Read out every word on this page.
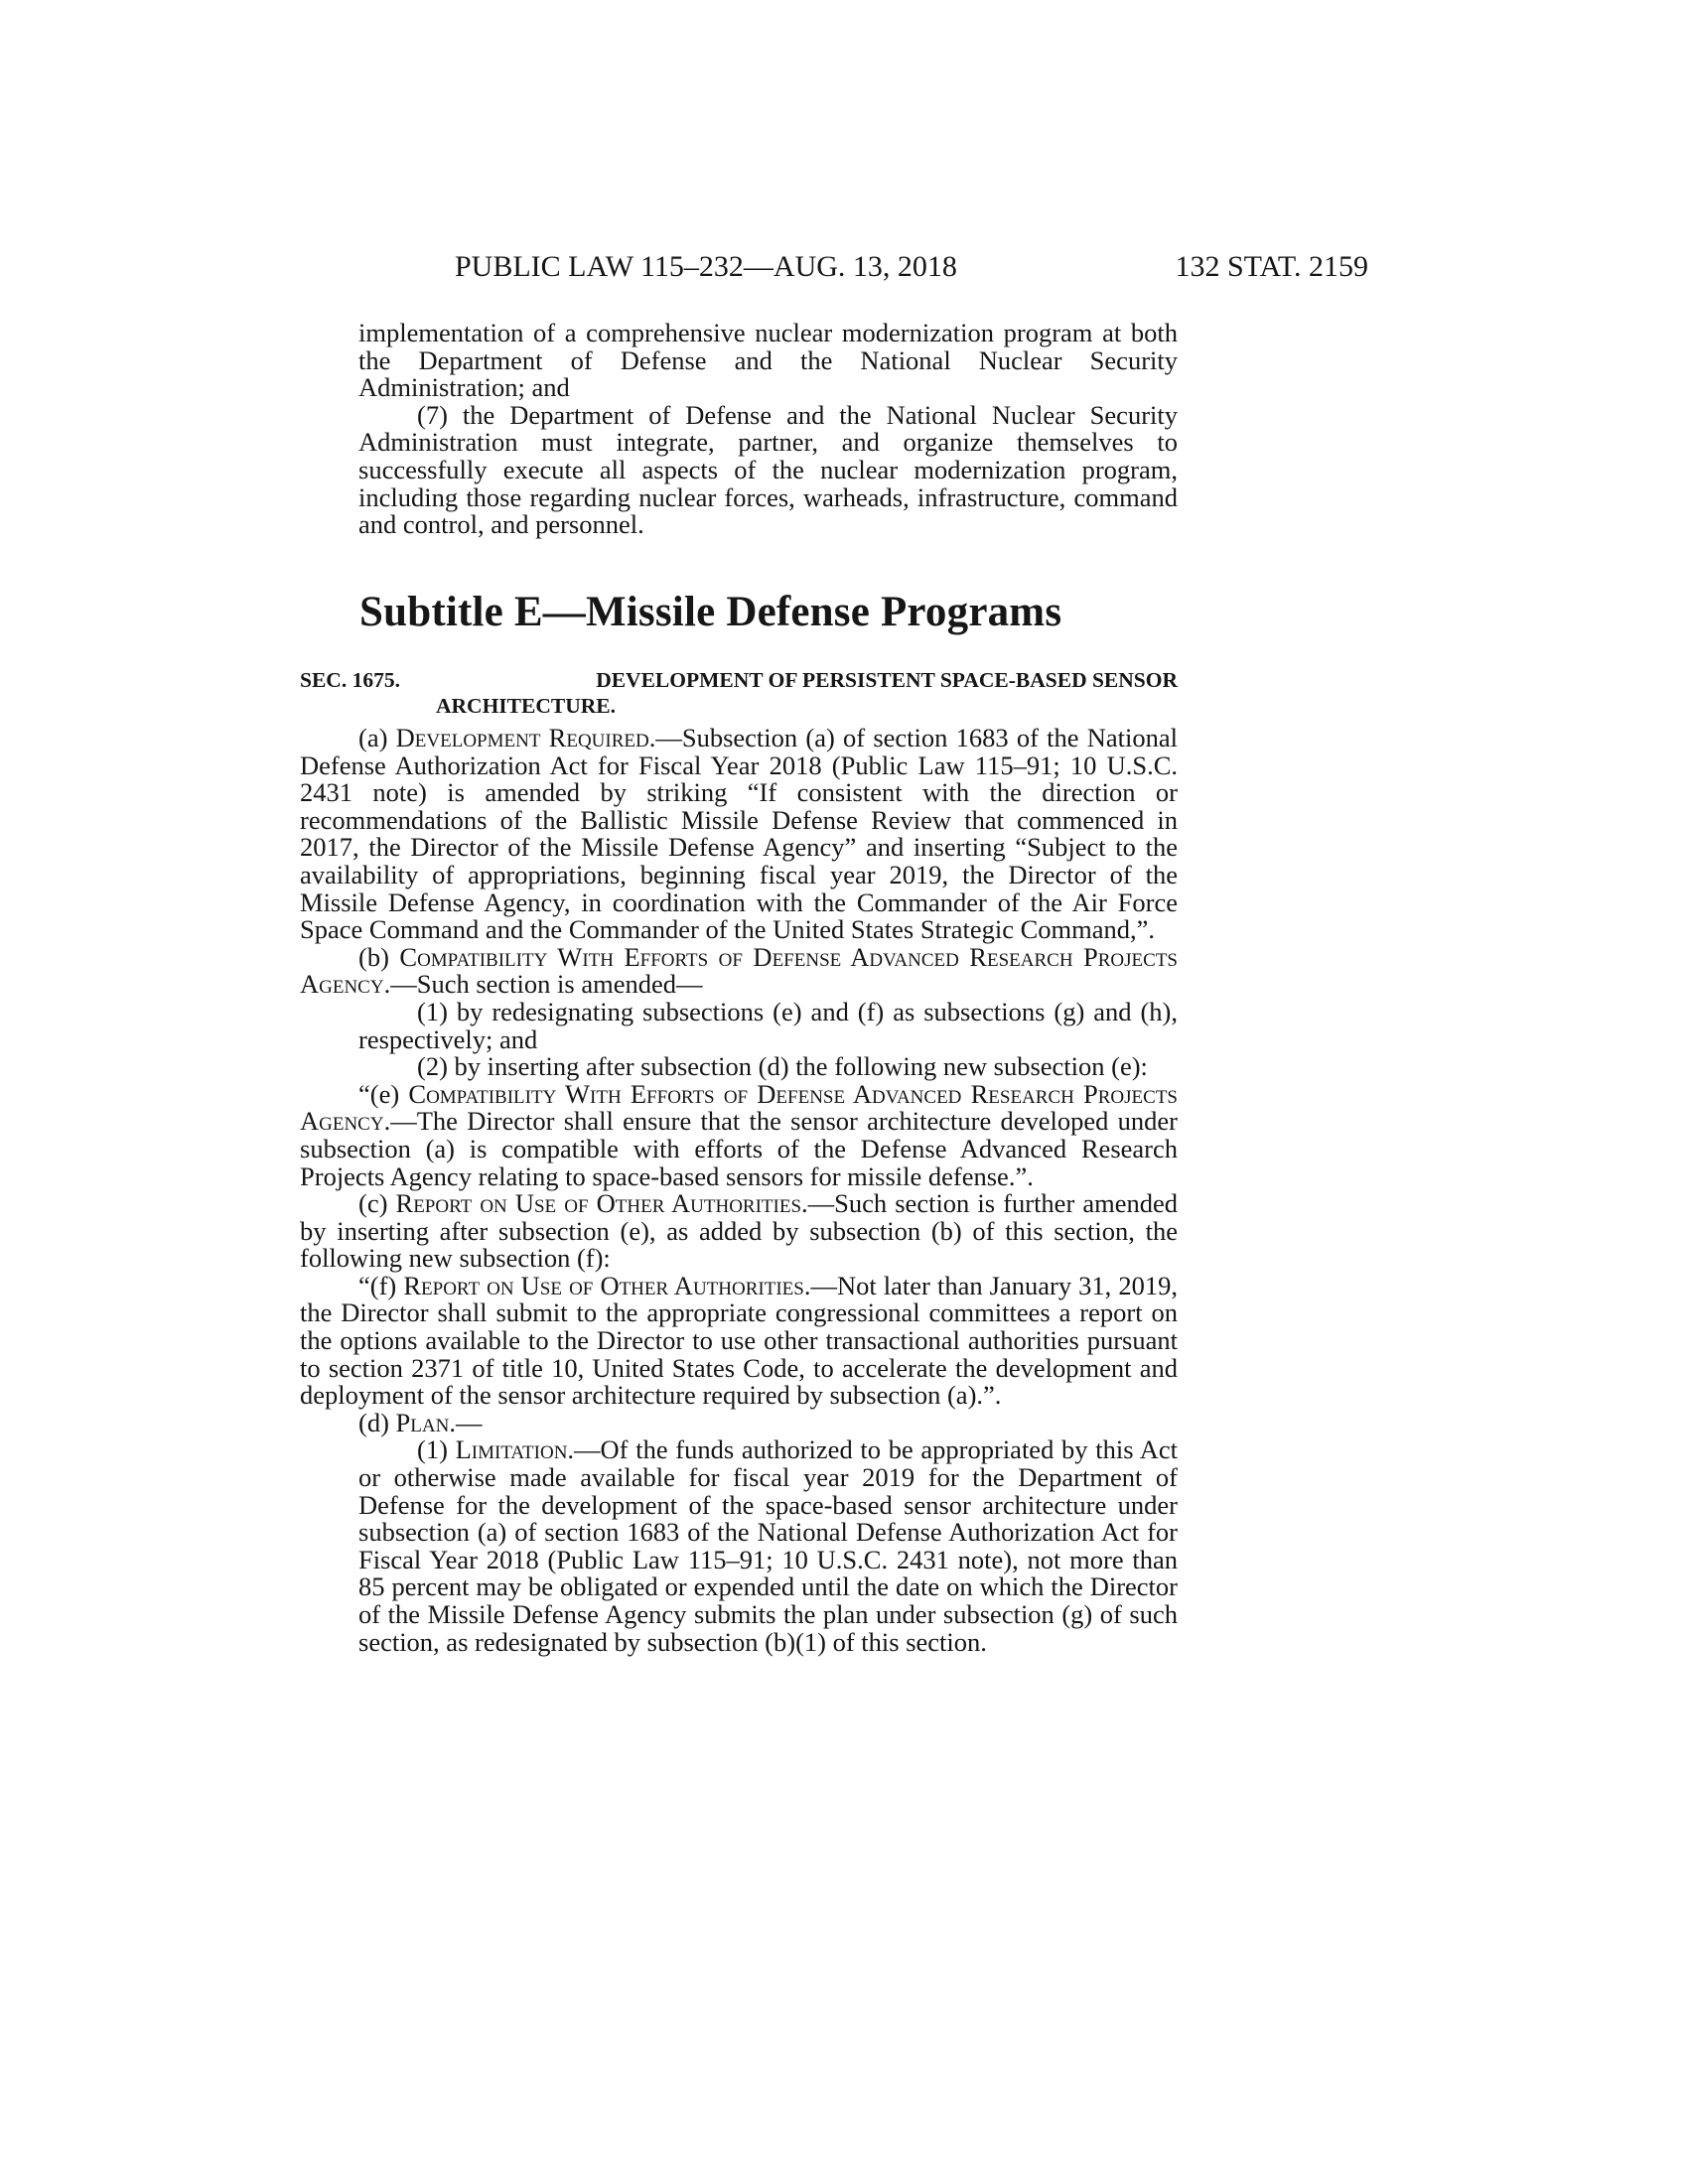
PUBLIC LAW 115–232—AUG. 13, 2018	132 STAT. 2159

implementation of a comprehensive nuclear modernization program at both the Department of Defense and the National Nuclear Security Administration; and

(7) the Department of Defense and the National Nuclear Security Administration must integrate, partner, and organize themselves to successfully execute all aspects of the nuclear modernization program, including those regarding nuclear forces, warheads, infrastructure, command and control, and personnel.

Subtitle E—Missile Defense Programs
SEC. 1675.	DEVELOPMENT OF PERSISTENT SPACE-BASED SENSOR
ARCHITECTURE.

(a) Development Required.—Subsection (a) of section 1683 of the National Defense Authorization Act for Fiscal Year 2018 (Public Law 115–91; 10 U.S.C. 2431 note) is amended by striking “If consistent with the direction or recommendations of the Ballistic Missile Defense Review that commenced in 2017, the Director of the Missile Defense Agency” and inserting “Subject to the availability of appropriations, beginning fiscal year 2019, the Director of the Missile Defense Agency, in coordination with the Commander of the Air Force Space Command and the Commander of the United States Strategic Command,”.

(b) Compatibility With Efforts of Defense Advanced Research Projects Agency.—Such section is amended—

(1) by redesignating subsections (e) and (f) as subsections (g) and (h), respectively; and

(2) by inserting after subsection (d) the following new subsection (e):

“(e) Compatibility With Efforts of Defense Advanced Research Projects Agency.—The Director shall ensure that the sensor architecture developed under subsection (a) is compatible with efforts of the Defense Advanced Research Projects Agency relating to space-based sensors for missile defense.”.

(c) Report on Use of Other Authorities.—Such section is further amended by inserting after subsection (e), as added by subsection (b) of this section, the following new subsection (f):

“(f) Report on Use of Other Authorities.—Not later than January 31, 2019, the Director shall submit to the appropriate congressional committees a report on the options available to the Director to use other transactional authorities pursuant to section 2371 of title 10, United States Code, to accelerate the development and deployment of the sensor architecture required by subsection (a).”.

(d) Plan.—

(1) Limitation.—Of the funds authorized to be appropriated by this Act or otherwise made available for fiscal year 2019 for the Department of Defense for the development of the space-based sensor architecture under subsection (a) of section 1683 of the National Defense Authorization Act for Fiscal Year 2018 (Public Law 115–91; 10 U.S.C. 2431 note), not more than 85 percent may be obligated or expended until the date on which the Director of the Missile Defense Agency submits the plan under subsection (g) of such section, as redesignated by subsection (b)(1) of this section.
